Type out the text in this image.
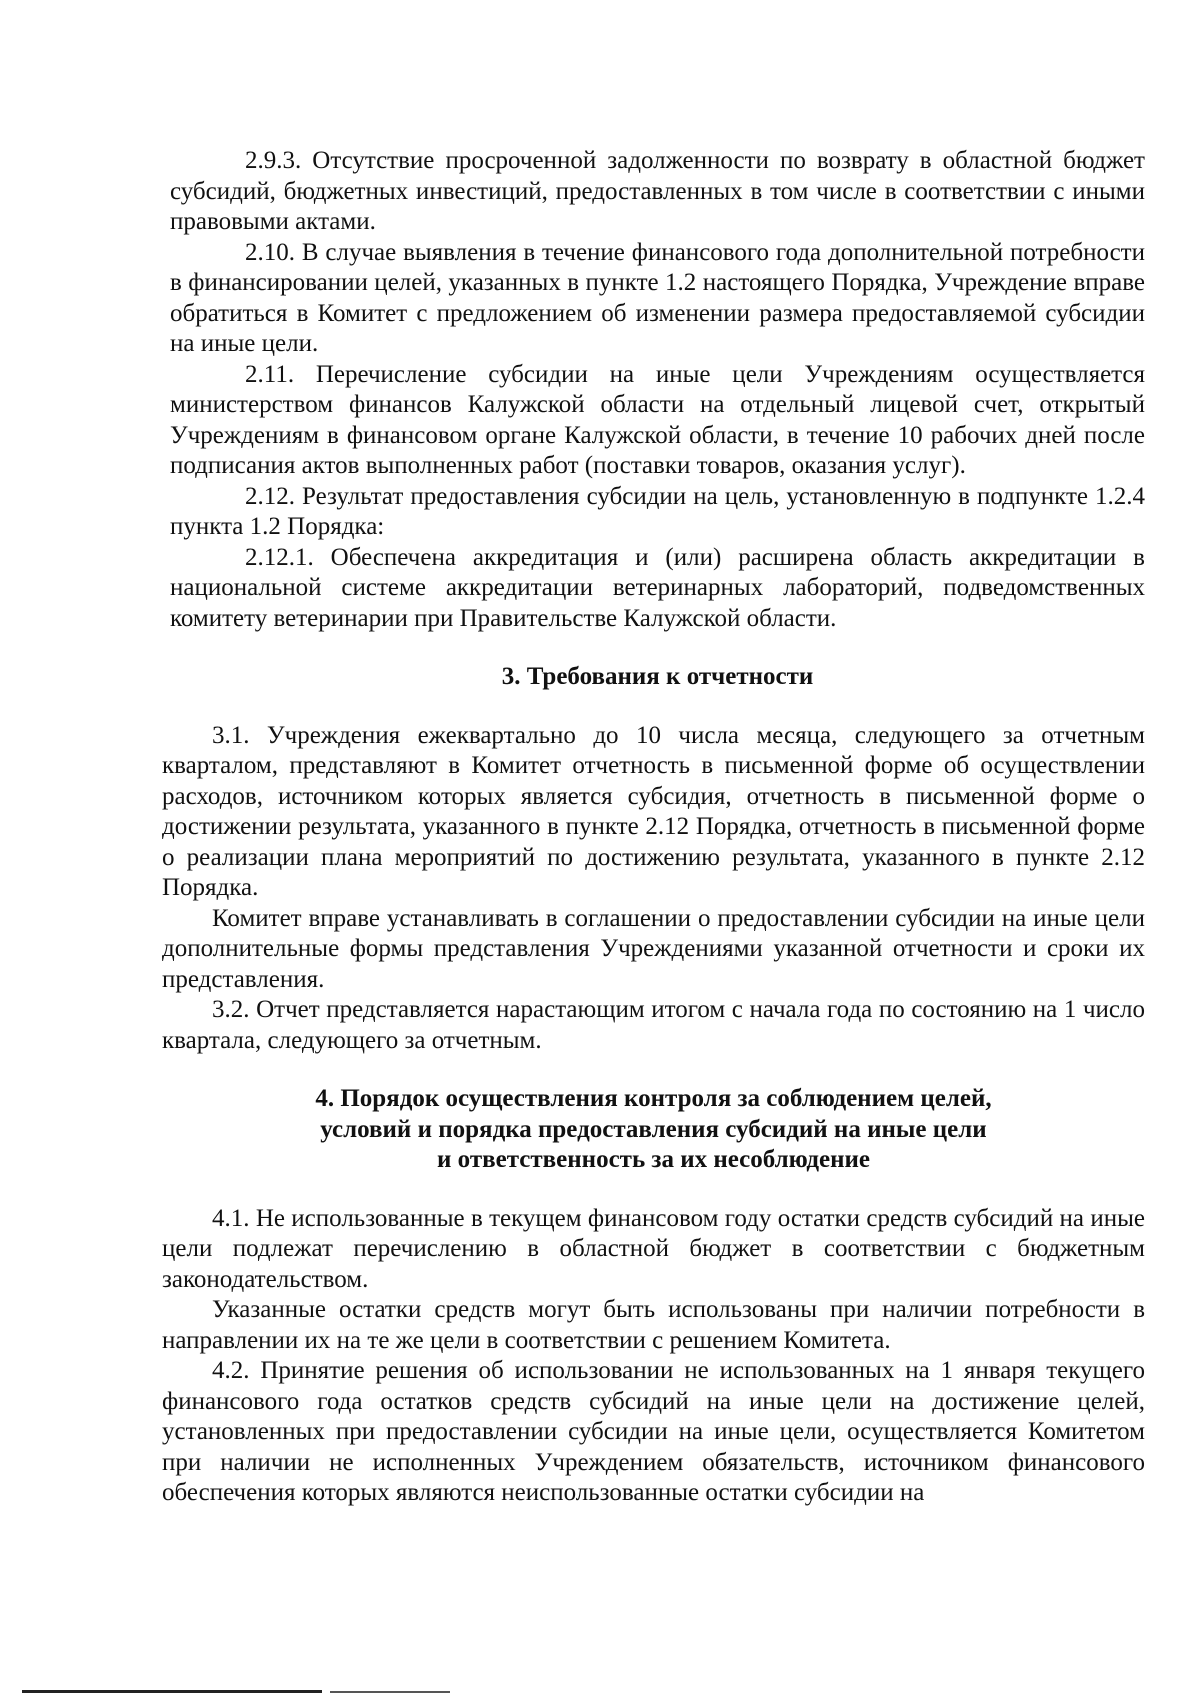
2.9.3. Отсутствие просроченной задолженности по возврату в областной бюджет субсидий, бюджетных инвестиций, предоставленных в том числе в соответствии с иными правовыми актами.

2.10. В случае выявления в течение финансового года дополнительной потребности в финансировании целей, указанных в пункте 1.2 настоящего Порядка, Учреждение вправе обратиться в Комитет с предложением об изменении размера предоставляемой субсидии на иные цели.

2.11. Перечисление субсидии на иные цели Учреждениям осуществляется министерством финансов Калужской области на отдельный лицевой счет, открытый Учреждениям в финансовом органе Калужской области, в течение 10 рабочих дней после подписания актов выполненных работ (поставки товаров, оказания услуг).

2.12. Результат предоставления субсидии на цель, установленную в подпункте 1.2.4 пункта 1.2 Порядка:

2.12.1. Обеспечена аккредитация и (или) расширена область аккредитации в национальной системе аккредитации ветеринарных лабораторий, подведомственных комитету ветеринарии при Правительстве Калужской области.

3. Требования к отчетности

3.1. Учреждения ежеквартально до 10 числа месяца, следующего за отчетным кварталом, представляют в Комитет отчетность в письменной форме об осуществлении расходов, источником которых является субсидия, отчетность в письменной форме о достижении результата, указанного в пункте 2.12 Порядка, отчетность в письменной форме о реализации плана мероприятий по достижению результата, указанного в пункте 2.12 Порядка.

Комитет вправе устанавливать в соглашении о предоставлении субсидии на иные цели дополнительные формы представления Учреждениями указанной отчетности и сроки их представления.

3.2. Отчет представляется нарастающим итогом с начала года по состоянию на 1 число квартала, следующего за отчетным.

4. Порядок осуществления контроля за соблюдением целей,
условий и порядка предоставления субсидий на иные цели
и ответственность за их несоблюдение

4.1. Не использованные в текущем финансовом году остатки средств субсидий на иные цели подлежат перечислению в областной бюджет в соответствии с бюджетным законодательством.

Указанные остатки средств могут быть использованы при наличии потребности в направлении их на те же цели в соответствии с решением Комитета.

4.2. Принятие решения об использовании не использованных на 1 января текущего финансового года остатков средств субсидий на иные цели на достижение целей, установленных при предоставлении субсидии на иные цели, осуществляется Комитетом при наличии не исполненных Учреждением обязательств, источником финансового обеспечения которых являются неиспользованные остатки субсидии на
